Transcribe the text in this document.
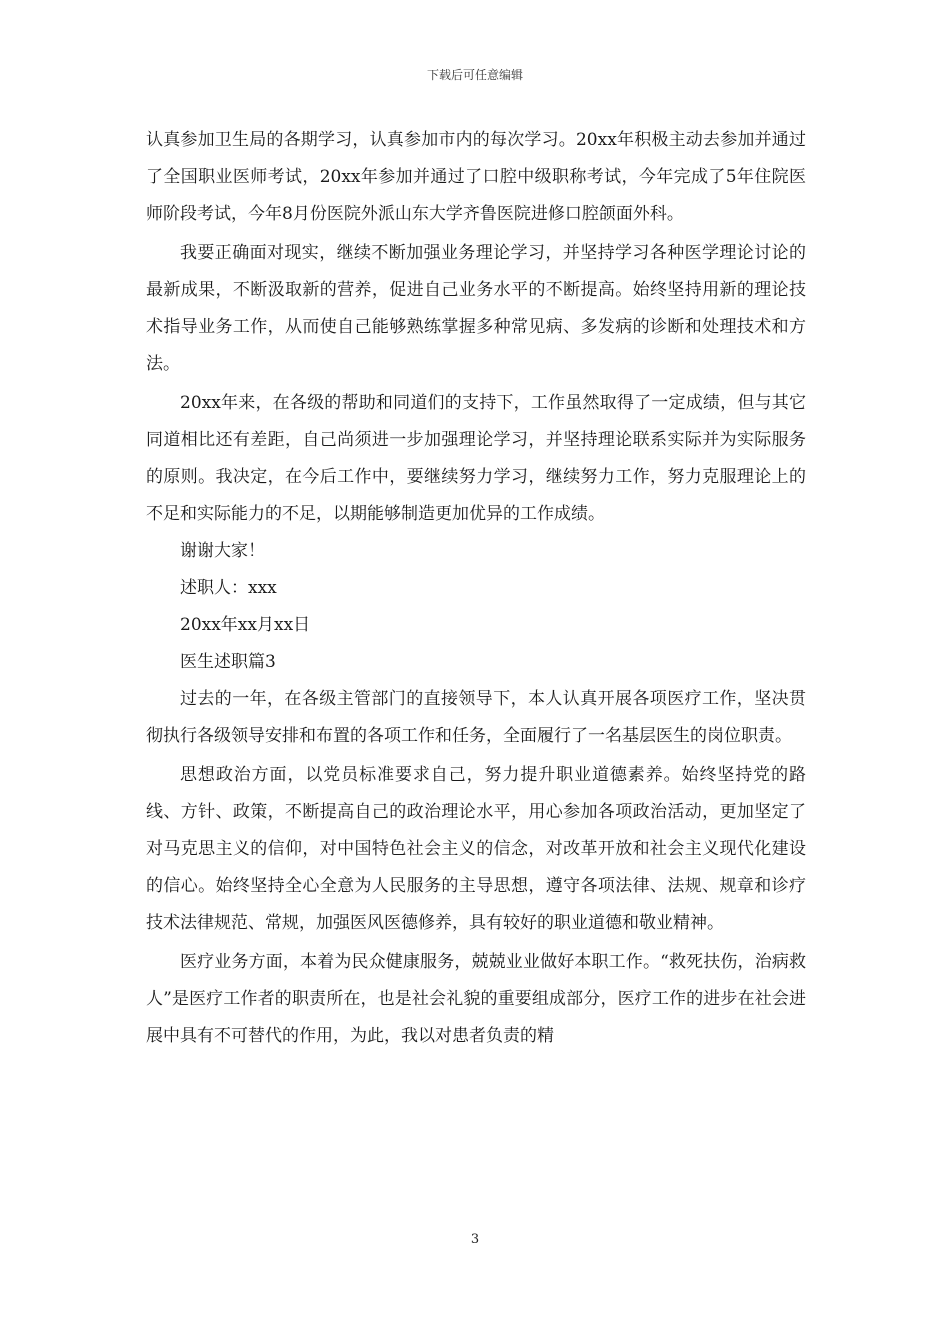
下载后可任意编辑

认真参加卫生局的各期学习，认真参加市内的每次学习。20xx年积极主动去参加并通过了全国职业医师考试，20xx年参加并通过了口腔中级职称考试，今年完成了5年住院医师阶段考试，今年8月份医院外派山东大学齐鲁医院进修口腔颌面外科。

我要正确面对现实，继续不断加强业务理论学习，并坚持学习各种医学理论讨论的最新成果，不断汲取新的营养，促进自己业务水平的不断提高。始终坚持用新的理论技术指导业务工作，从而使自己能够熟练掌握多种常见病、多发病的诊断和处理技术和方法。

20xx年来，在各级的帮助和同道们的支持下，工作虽然取得了一定成绩，但与其它同道相比还有差距，自己尚须进一步加强理论学习，并坚持理论联系实际并为实际服务的原则。我决定，在今后工作中，要继续努力学习，继续努力工作，努力克服理论上的不足和实际能力的不足，以期能够制造更加优异的工作成绩。

谢谢大家！

述职人：xxx

20xx年xx月xx日

医生述职篇3

过去的一年，在各级主管部门的直接领导下，本人认真开展各项医疗工作，坚决贯彻执行各级领导安排和布置的各项工作和任务，全面履行了一名基层医生的岗位职责。

思想政治方面，以党员标准要求自己，努力提升职业道德素养。始终坚持党的路线、方针、政策，不断提高自己的政治理论水平，用心参加各项政治活动，更加坚定了对马克思主义的信仰，对中国特色社会主义的信念，对改革开放和社会主义现代化建设的信心。始终坚持全心全意为人民服务的主导思想，遵守各项法律、法规、规章和诊疗技术法律规范、常规，加强医风医德修养，具有较好的职业道德和敬业精神。

医疗业务方面，本着为民众健康服务，兢兢业业做好本职工作。“救死扶伤，治病救人”是医疗工作者的职责所在，也是社会礼貌的重要组成部分，医疗工作的进步在社会进展中具有不可替代的作用，为此，我以对患者负责的精

3
